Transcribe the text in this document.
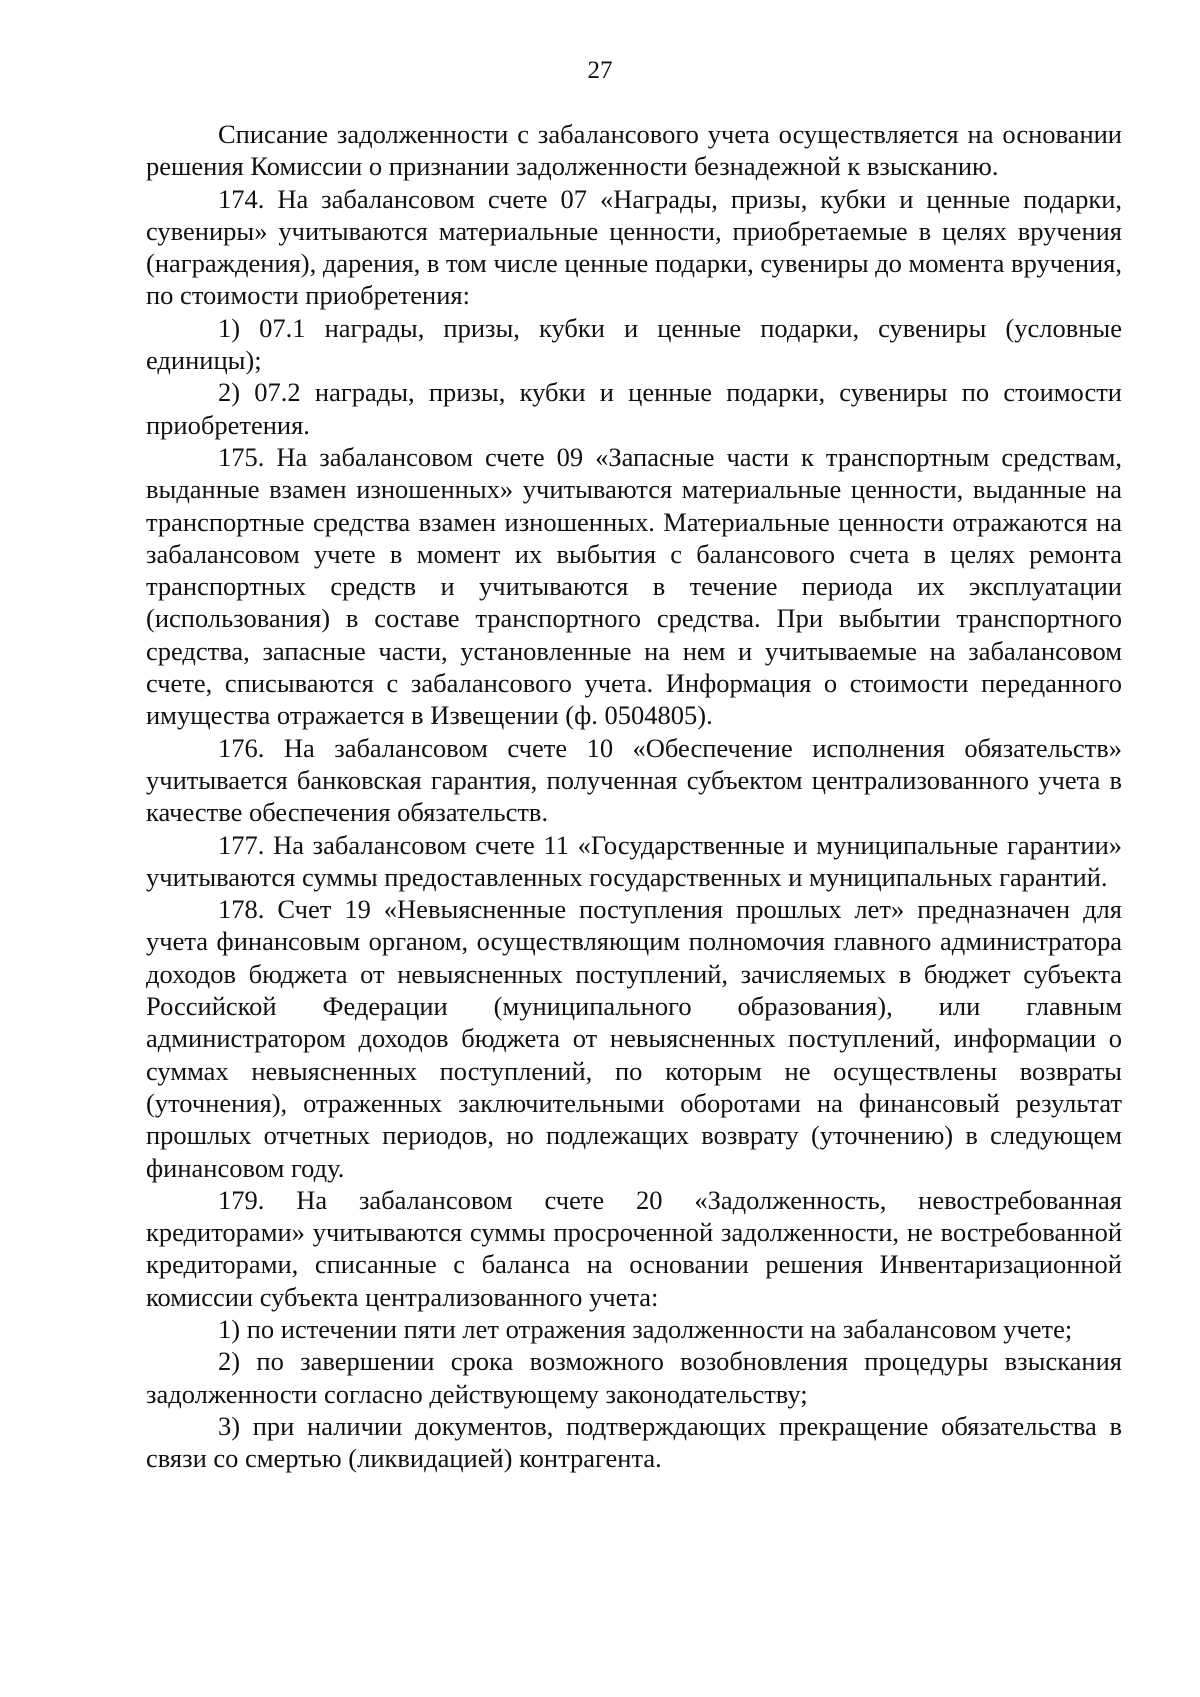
27

Списание задолженности с забалансового учета осуществляется на основании решения Комиссии о признании задолженности безнадежной к взысканию.

174. На забалансовом счете 07 «Награды, призы, кубки и ценные подарки, сувениры» учитываются материальные ценности, приобретаемые в целях вручения (награждения), дарения, в том числе ценные подарки, сувениры до момента вручения, по стоимости приобретения:

1) 07.1 награды, призы, кубки и ценные подарки, сувениры (условные единицы);

2) 07.2 награды, призы, кубки и ценные подарки, сувениры по стоимости приобретения.

175. На забалансовом счете 09 «Запасные части к транспортным средствам, выданные взамен изношенных» учитываются материальные ценности, выданные на транспортные средства взамен изношенных. Материальные ценности отражаются на забалансовом учете в момент их выбытия с балансового счета в целях ремонта транспортных средств и учитываются в течение периода их эксплуатации (использования) в составе транспортного средства. При выбытии транспортного средства, запасные части, установленные на нем и учитываемые на забалансовом счете, списываются с забалансового учета. Информация о стоимости переданного имущества отражается в Извещении (ф. 0504805).

176. На забалансовом счете 10 «Обеспечение исполнения обязательств» учитывается банковская гарантия, полученная субъектом централизованного учета в качестве обеспечения обязательств.

177. На забалансовом счете 11 «Государственные и муниципальные гарантии» учитываются суммы предоставленных государственных и муниципальных гарантий.

178. Счет 19 «Невыясненные поступления прошлых лет» предназначен для учета финансовым органом, осуществляющим полномочия главного администратора доходов бюджета от невыясненных поступлений, зачисляемых в бюджет субъекта Российской Федерации (муниципального образования), или главным администратором доходов бюджета от невыясненных поступлений, информации о суммах невыясненных поступлений, по которым не осуществлены возвраты (уточнения), отраженных заключительными оборотами на финансовый результат прошлых отчетных периодов, но подлежащих возврату (уточнению) в следующем финансовом году.

179. На забалансовом счете 20 «Задолженность, невостребованная кредиторами» учитываются суммы просроченной задолженности, не востребованной кредиторами, списанные с баланса на основании решения Инвентаризационной комиссии субъекта централизованного учета:

1) по истечении пяти лет отражения задолженности на забалансовом учете;

2) по завершении срока возможного возобновления процедуры взыскания задолженности согласно действующему законодательству;

3) при наличии документов, подтверждающих прекращение обязательства в связи со смертью (ликвидацией) контрагента.
